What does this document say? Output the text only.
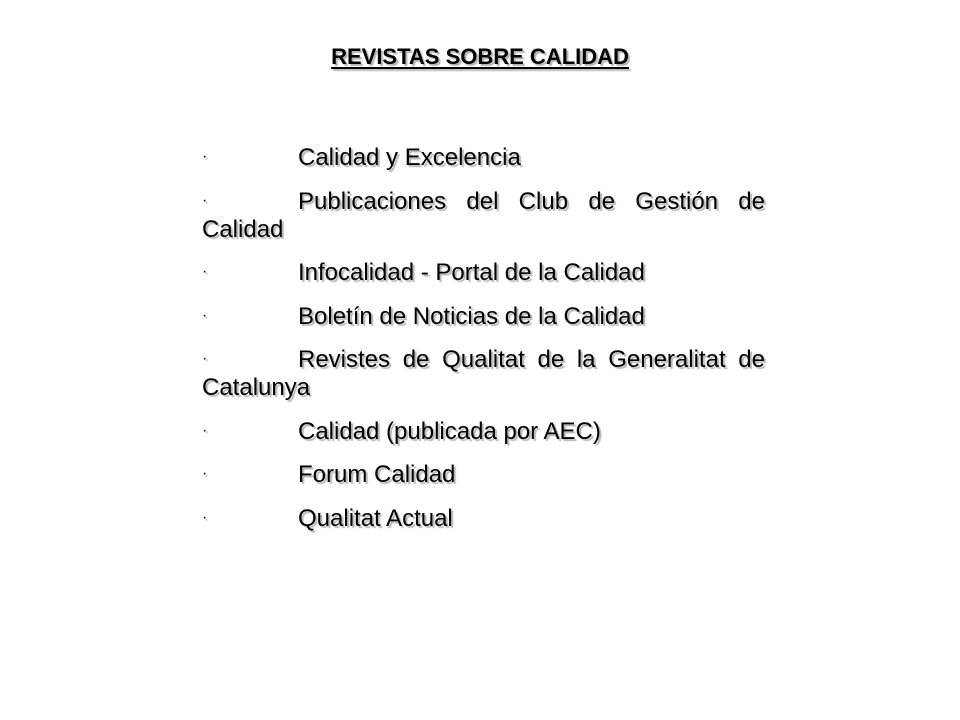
REVISTAS SOBRE CALIDAD
·	Calidad y Excelencia
·	Publicaciones del Club de Gestión de Calidad
·	Infocalidad - Portal de la Calidad
·	Boletín de Noticias de la Calidad
·	Revistes de Qualitat de la Generalitat de Catalunya
·	Calidad (publicada por AEC)
·	Forum Calidad
·	Qualitat Actual
